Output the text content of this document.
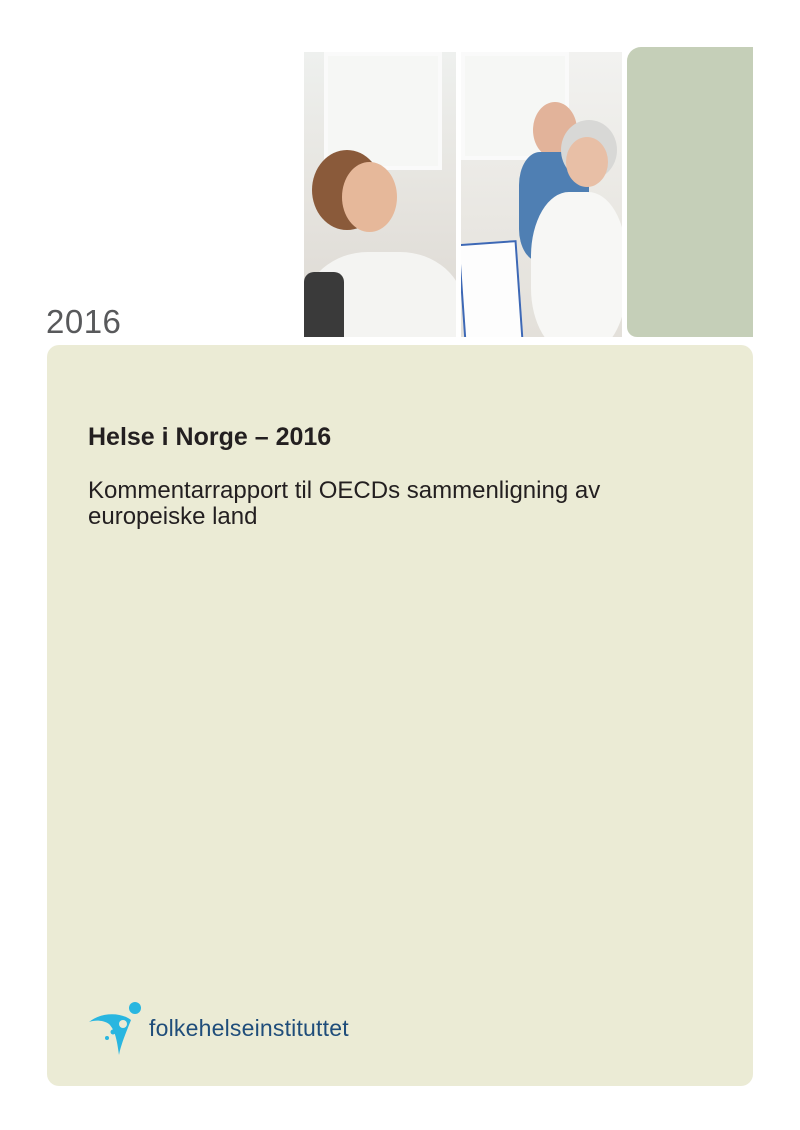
2016
Helse i Norge – 2016
Kommentarrapport til OECDs sammenligning av europeiske land
folkehelseinstituttet
